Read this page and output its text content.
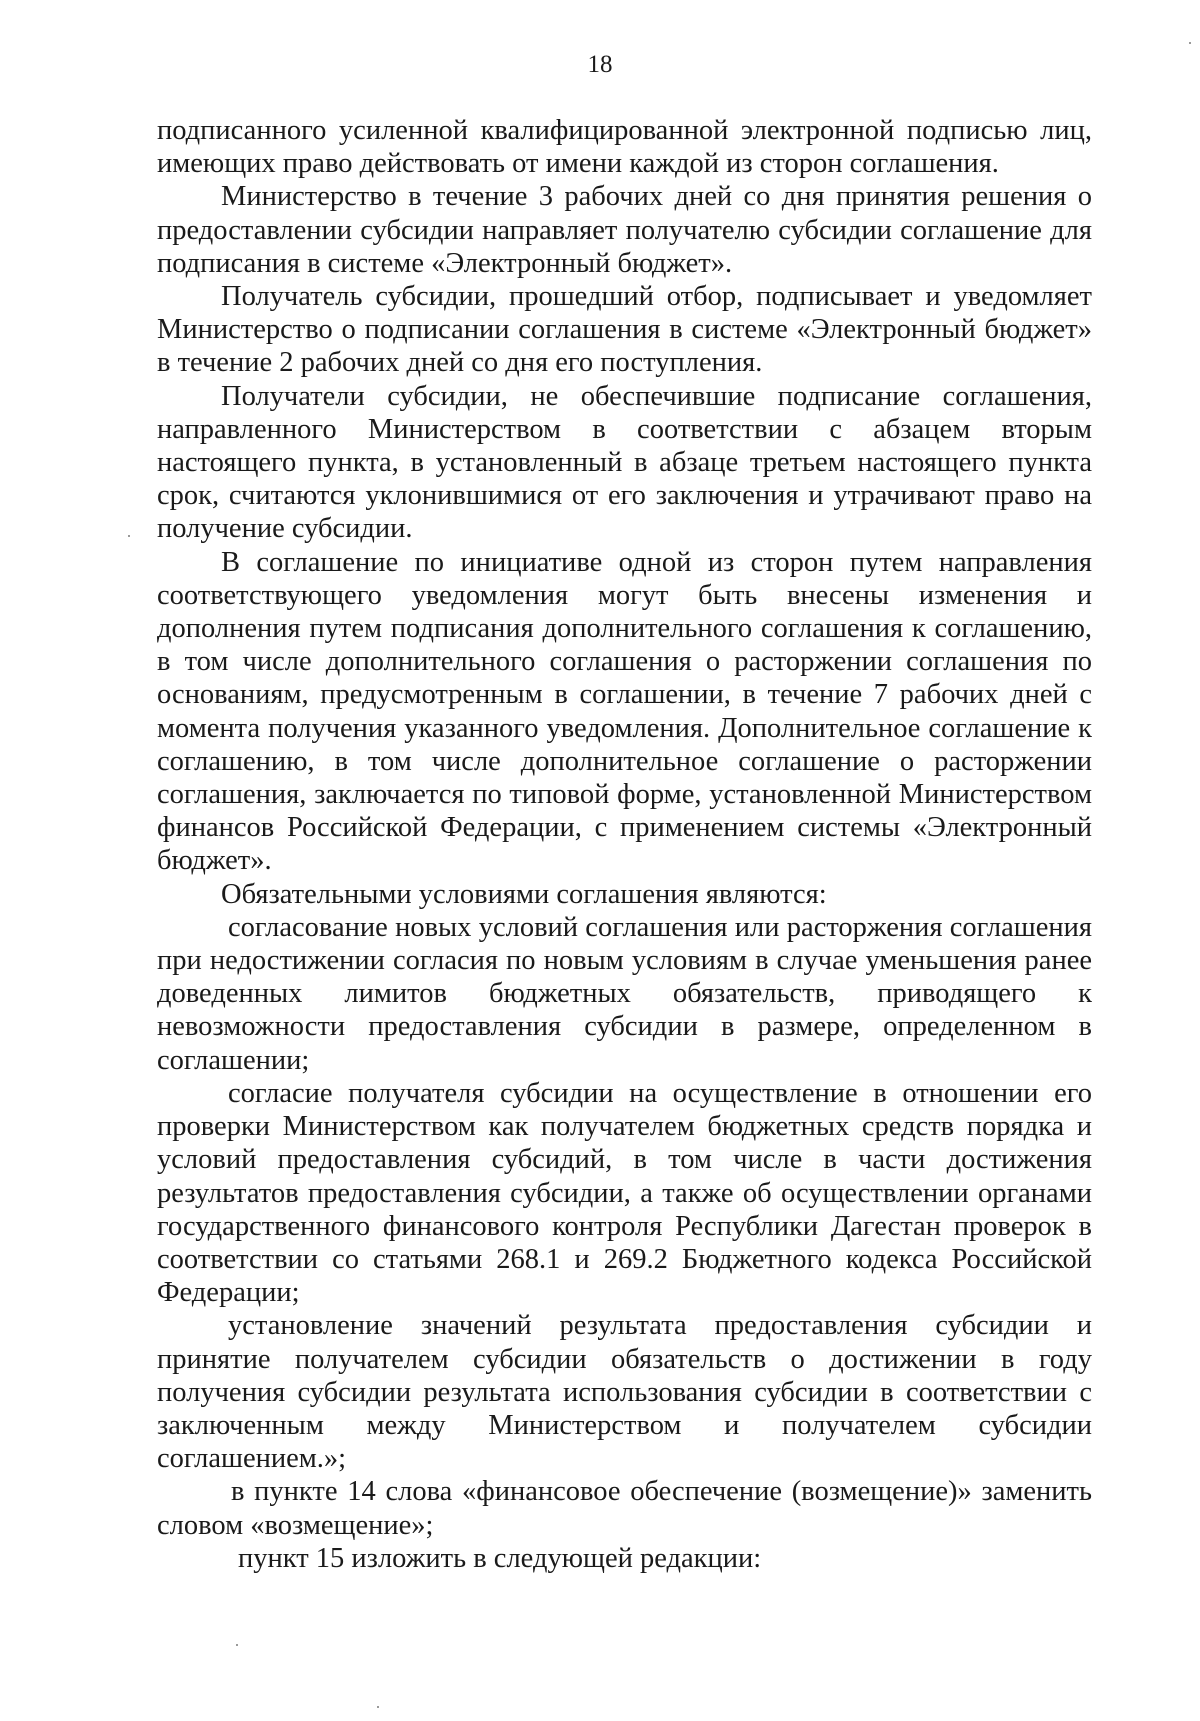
18

подписанного усиленной квалифицированной электронной подписью лиц, имеющих право действовать от имени каждой из сторон соглашения.

Министерство в течение 3 рабочих дней со дня принятия решения о предоставлении субсидии направляет получателю субсидии соглашение для подписания в системе «Электронный бюджет».

Получатель субсидии, прошедший отбор, подписывает и уведомляет Министерство о подписании соглашения в системе «Электронный бюджет» в течение 2 рабочих дней со дня его поступления.

Получатели субсидии, не обеспечившие подписание соглашения, направленного Министерством в соответствии с абзацем вторым настоящего пункта, в установленный в абзаце третьем настоящего пункта срок, считаются уклонившимися от его заключения и утрачивают право на получение субсидии.

В соглашение по инициативе одной из сторон путем направления соответствующего уведомления могут быть внесены изменения и дополнения путем подписания дополнительного соглашения к соглашению, в том числе дополнительного соглашения о расторжении соглашения по основаниям, предусмотренным в соглашении, в течение 7 рабочих дней с момента получения указанного уведомления. Дополнительное соглашение к соглашению, в том числе дополнительное соглашение о расторжении соглашения, заключается по типовой форме, установленной Министерством финансов Российской Федерации, с применением системы «Электронный бюджет».

Обязательными условиями соглашения являются:

согласование новых условий соглашения или расторжения соглашения при недостижении согласия по новым условиям в случае уменьшения ранее доведенных лимитов бюджетных обязательств, приводящего к невозможности предоставления субсидии в размере, определенном в соглашении;

согласие получателя субсидии на осуществление в отношении его проверки Министерством как получателем бюджетных средств порядка и условий предоставления субсидий, в том числе в части достижения результатов предоставления субсидии, а также об осуществлении органами государственного финансового контроля Республики Дагестан проверок в соответствии со статьями 268.1 и 269.2 Бюджетного кодекса Российской Федерации;

установление значений результата предоставления субсидии и принятие получателем субсидии обязательств о достижении в году получения субсидии результата использования субсидии в соответствии с заключенным между Министерством и получателем субсидии соглашением.»;

в пункте 14 слова «финансовое обеспечение (возмещение)» заменить словом «возмещение»;

пункт 15 изложить в следующей редакции:
